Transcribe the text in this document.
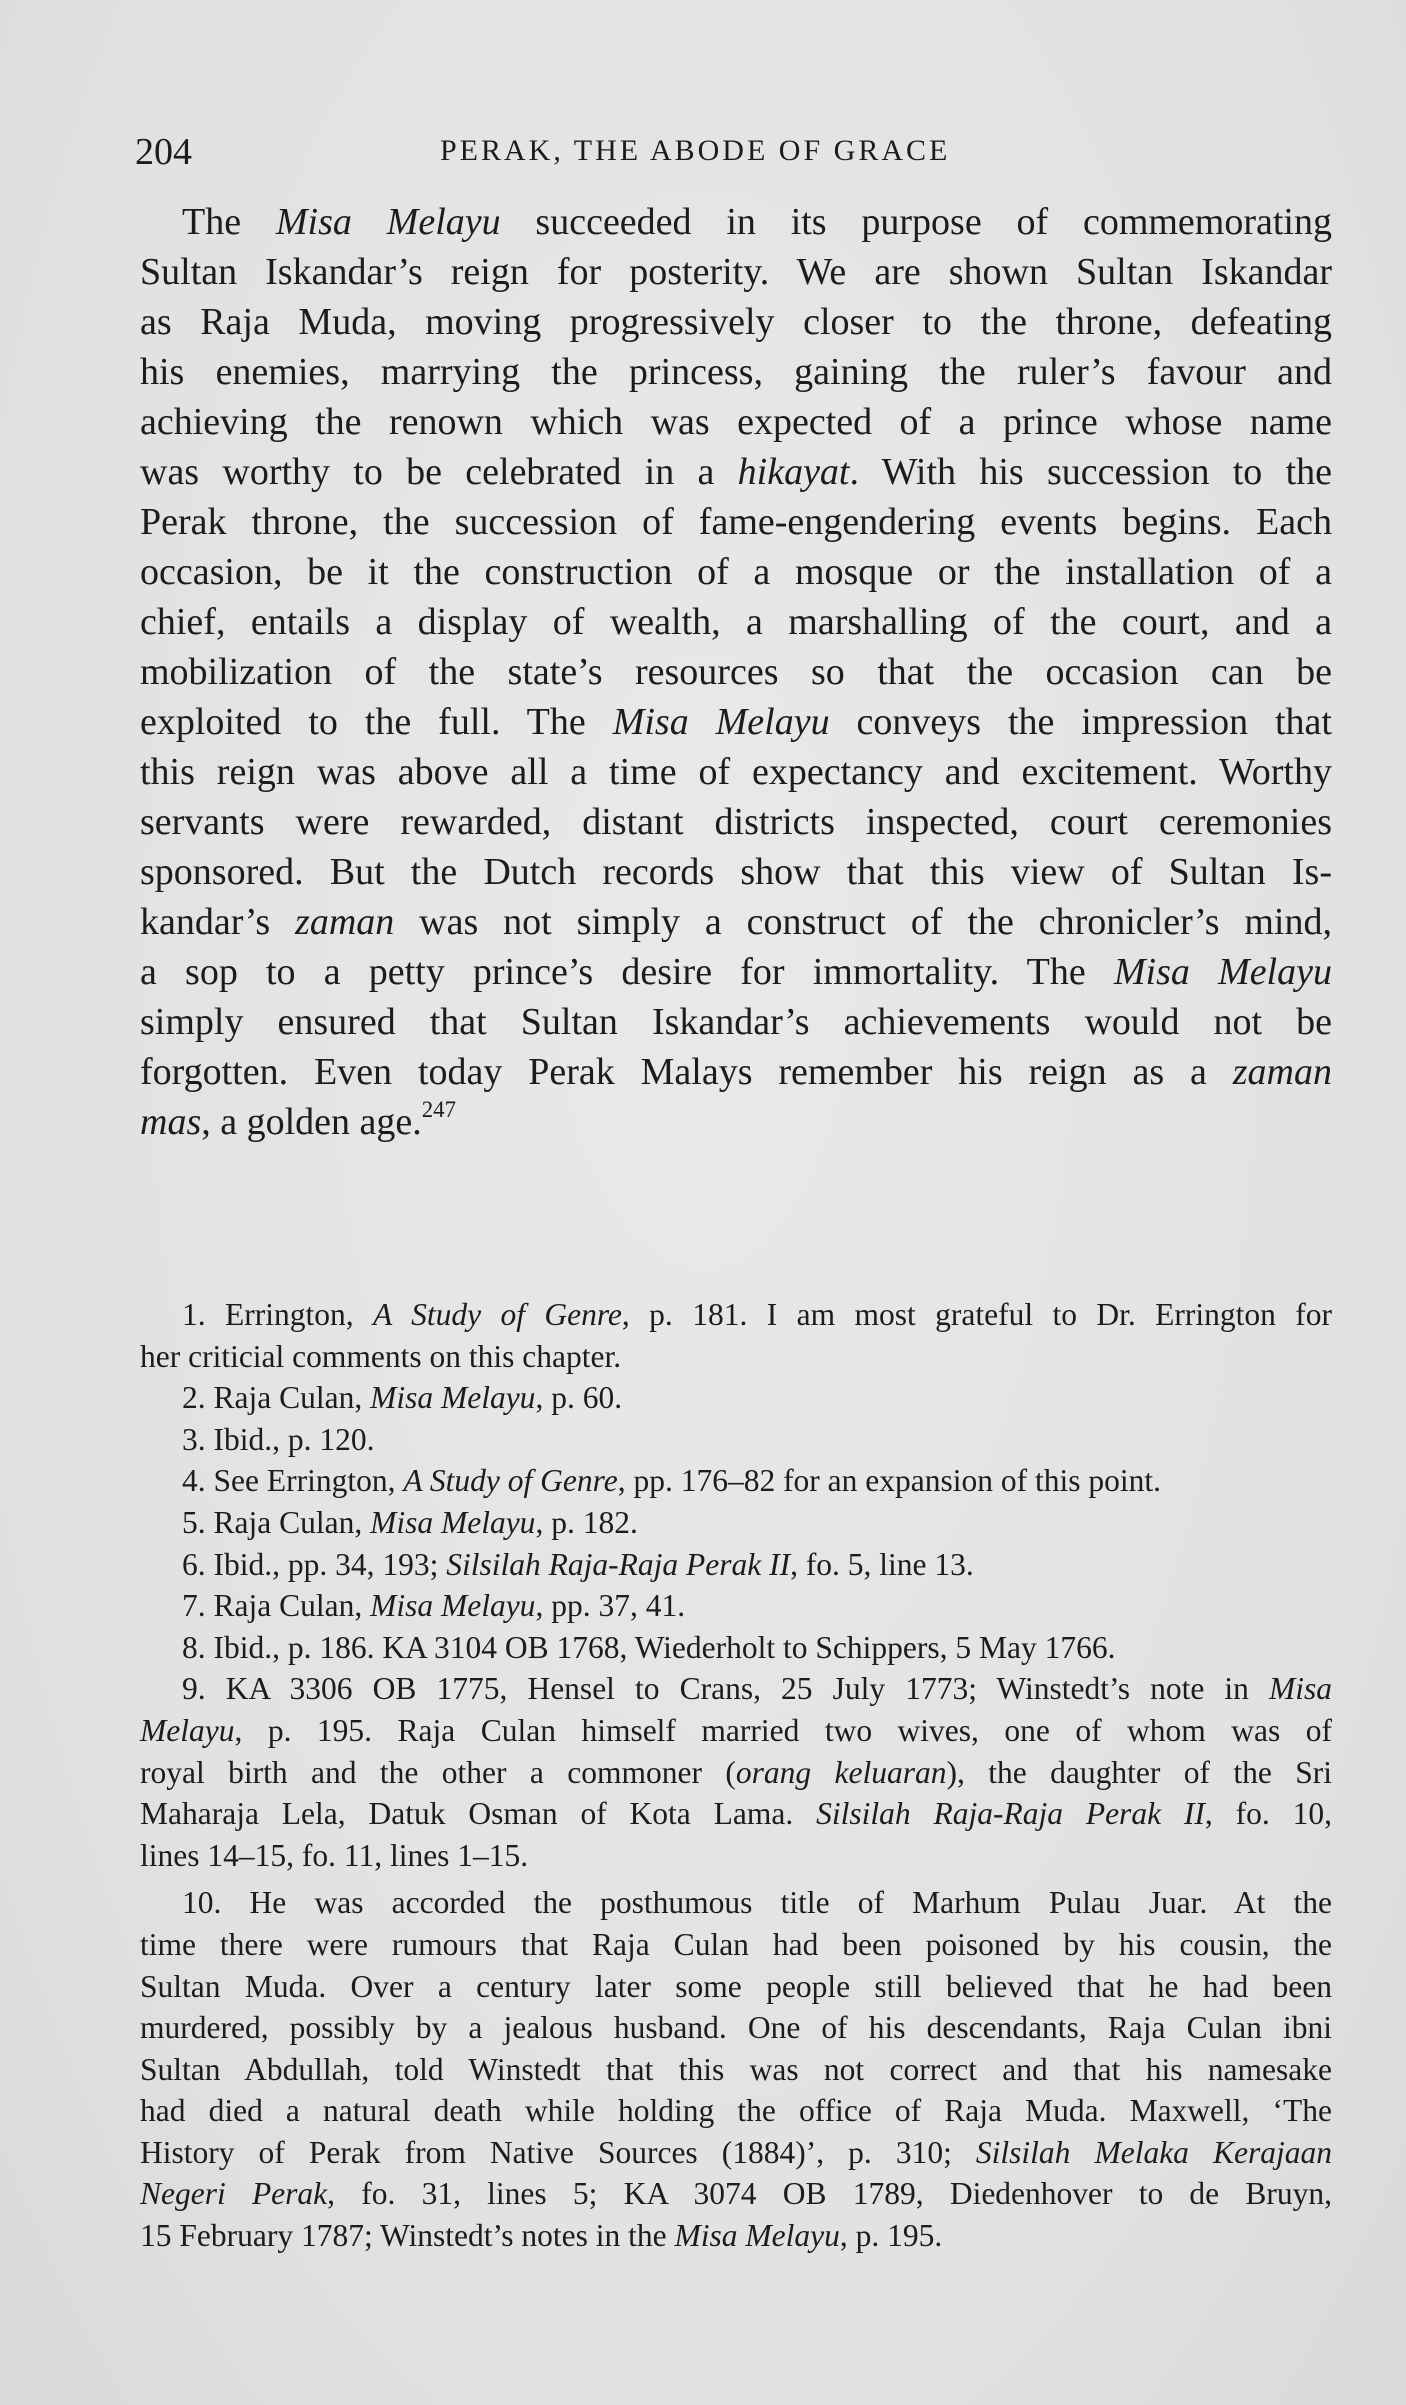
204	PERAK, THE ABODE OF GRACE
The Misa Melayu succeeded in its purpose of commemorating
Sultan Iskandar’s reign for posterity. We are shown Sultan Iskandar
as Raja Muda, moving progressively closer to the throne, defeating
his enemies, marrying the princess, gaining the ruler’s favour and
achieving the renown which was expected of a prince whose name
was worthy to be celebrated in a hikayat. With his succession to the
Perak throne, the succession of fame-engendering events begins. Each
occasion, be it the construction of a mosque or the installation of a
chief, entails a display of wealth, a marshalling of the court, and a
mobilization of the state’s resources so that the occasion can be
exploited to the full. The Misa Melayu conveys the impression that
this reign was above all a time of expectancy and excitement. Worthy
servants were rewarded, distant districts inspected, court ceremonies
sponsored. But the Dutch records show that this view of Sultan Is-
kandar’s zaman was not simply a construct of the chronicler’s mind,
a sop to a petty prince’s desire for immortality. The Misa Melayu
simply ensured that Sultan Iskandar’s achievements would not be
forgotten. Even today Perak Malays remember his reign as a zaman
mas, a golden age.$^{247}$
1. Errington, A Study of Genre, p. 181. I am most grateful to Dr. Errington for
her criticial comments on this chapter.
2. Raja Culan, Misa Melayu, p. 60.
3. Ibid., p. 120.
4. See Errington, A Study of Genre, pp. 176–82 for an expansion of this point.
5. Raja Culan, Misa Melayu, p. 182.
6. Ibid., pp. 34, 193; Silsilah Raja-Raja Perak II, fo. 5, line 13.
7. Raja Culan, Misa Melayu, pp. 37, 41.
8. Ibid., p. 186. KA 3104 OB 1768, Wiederholt to Schippers, 5 May 1766.
9. KA 3306 OB 1775, Hensel to Crans, 25 July 1773; Winstedt’s note in Misa
Melayu, p. 195. Raja Culan himself married two wives, one of whom was of
royal birth and the other a commoner (orang keluaran), the daughter of the Sri
Maharaja Lela, Datuk Osman of Kota Lama. Silsilah Raja-Raja Perak II, fo. 10,
lines 14–15, fo. 11, lines 1–15.
10. He was accorded the posthumous title of Marhum Pulau Juar. At the
time there were rumours that Raja Culan had been poisoned by his cousin, the
Sultan Muda. Over a century later some people still believed that he had been
murdered, possibly by a jealous husband. One of his descendants, Raja Culan ibni
Sultan Abdullah, told Winstedt that this was not correct and that his namesake
had died a natural death while holding the office of Raja Muda. Maxwell, ‘The
History of Perak from Native Sources (1884)’, p. 310; Silsilah Melaka Kerajaan
Negeri Perak, fo. 31, lines 5; KA 3074 OB 1789, Diedenhover to de Bruyn,
15 February 1787; Winstedt’s notes in the Misa Melayu, p. 195.
